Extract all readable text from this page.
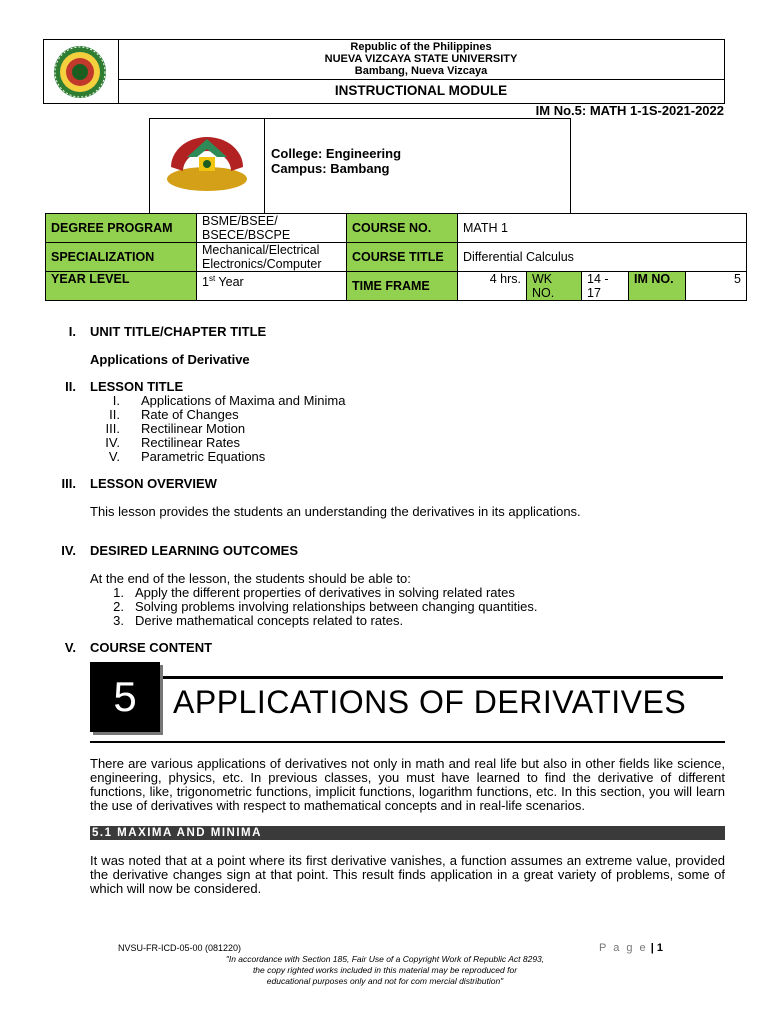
Republic of the Philippines
NUEVA VIZCAYA STATE UNIVERSITY
Bambang, Nueva Vizcaya
INSTRUCTIONAL MODULE
IM No.5: MATH 1-1S-2021-2022
College: Engineering
Campus: Bambang
DEGREE PROGRAM	BSME/BSEE/ BSECE/BSCPE	COURSE NO.	MATH 1				
SPECIALIZATION	Mechanical/Electrical Electronics/Computer	COURSE TITLE	Differential Calculus				
YEAR LEVEL	1st Year	TIME FRAME	4 hrs.	WK NO.	14 - 17	IM NO.	5
I. UNIT TITLE/CHAPTER TITLE
Applications of Derivative
II. LESSON TITLE
I. Applications of Maxima and Minima
II. Rate of Changes
III. Rectilinear Motion
IV. Rectilinear Rates
V. Parametric Equations
III. LESSON OVERVIEW
This lesson provides the students an understanding the derivatives in its applications.
IV. DESIRED LEARNING OUTCOMES
At the end of the lesson, the students should be able to:
1. Apply the different properties of derivatives in solving related rates
2. Solving problems involving relationships between changing quantities.
3. Derive mathematical concepts related to rates.
V. COURSE CONTENT
5	APPLICATIONS OF DERIVATIVES
There are various applications of derivatives not only in math and real life but also in other fields like science, engineering, physics, etc. In previous classes, you must have learned to find the derivative of different functions, like, trigonometric functions, implicit functions, logarithm functions, etc. In this section, you will learn the use of derivatives with respect to mathematical concepts and in real-life scenarios.
5.1 MAXIMA AND MINIMA
It was noted that at a point where its first derivative vanishes, a function assumes an extreme value, provided the derivative changes sign at that point. This result finds application in a great variety of problems, some of which will now be considered.
NVSU-FR-ICD-05-00 (081220)	P a g e | 1
"In accordance with Section 185, Fair Use of a Copyright Work of Republic Act 8293,
the copy righted works included in this material may be reproduced for
educational purposes only and not for com mercial distribution"
